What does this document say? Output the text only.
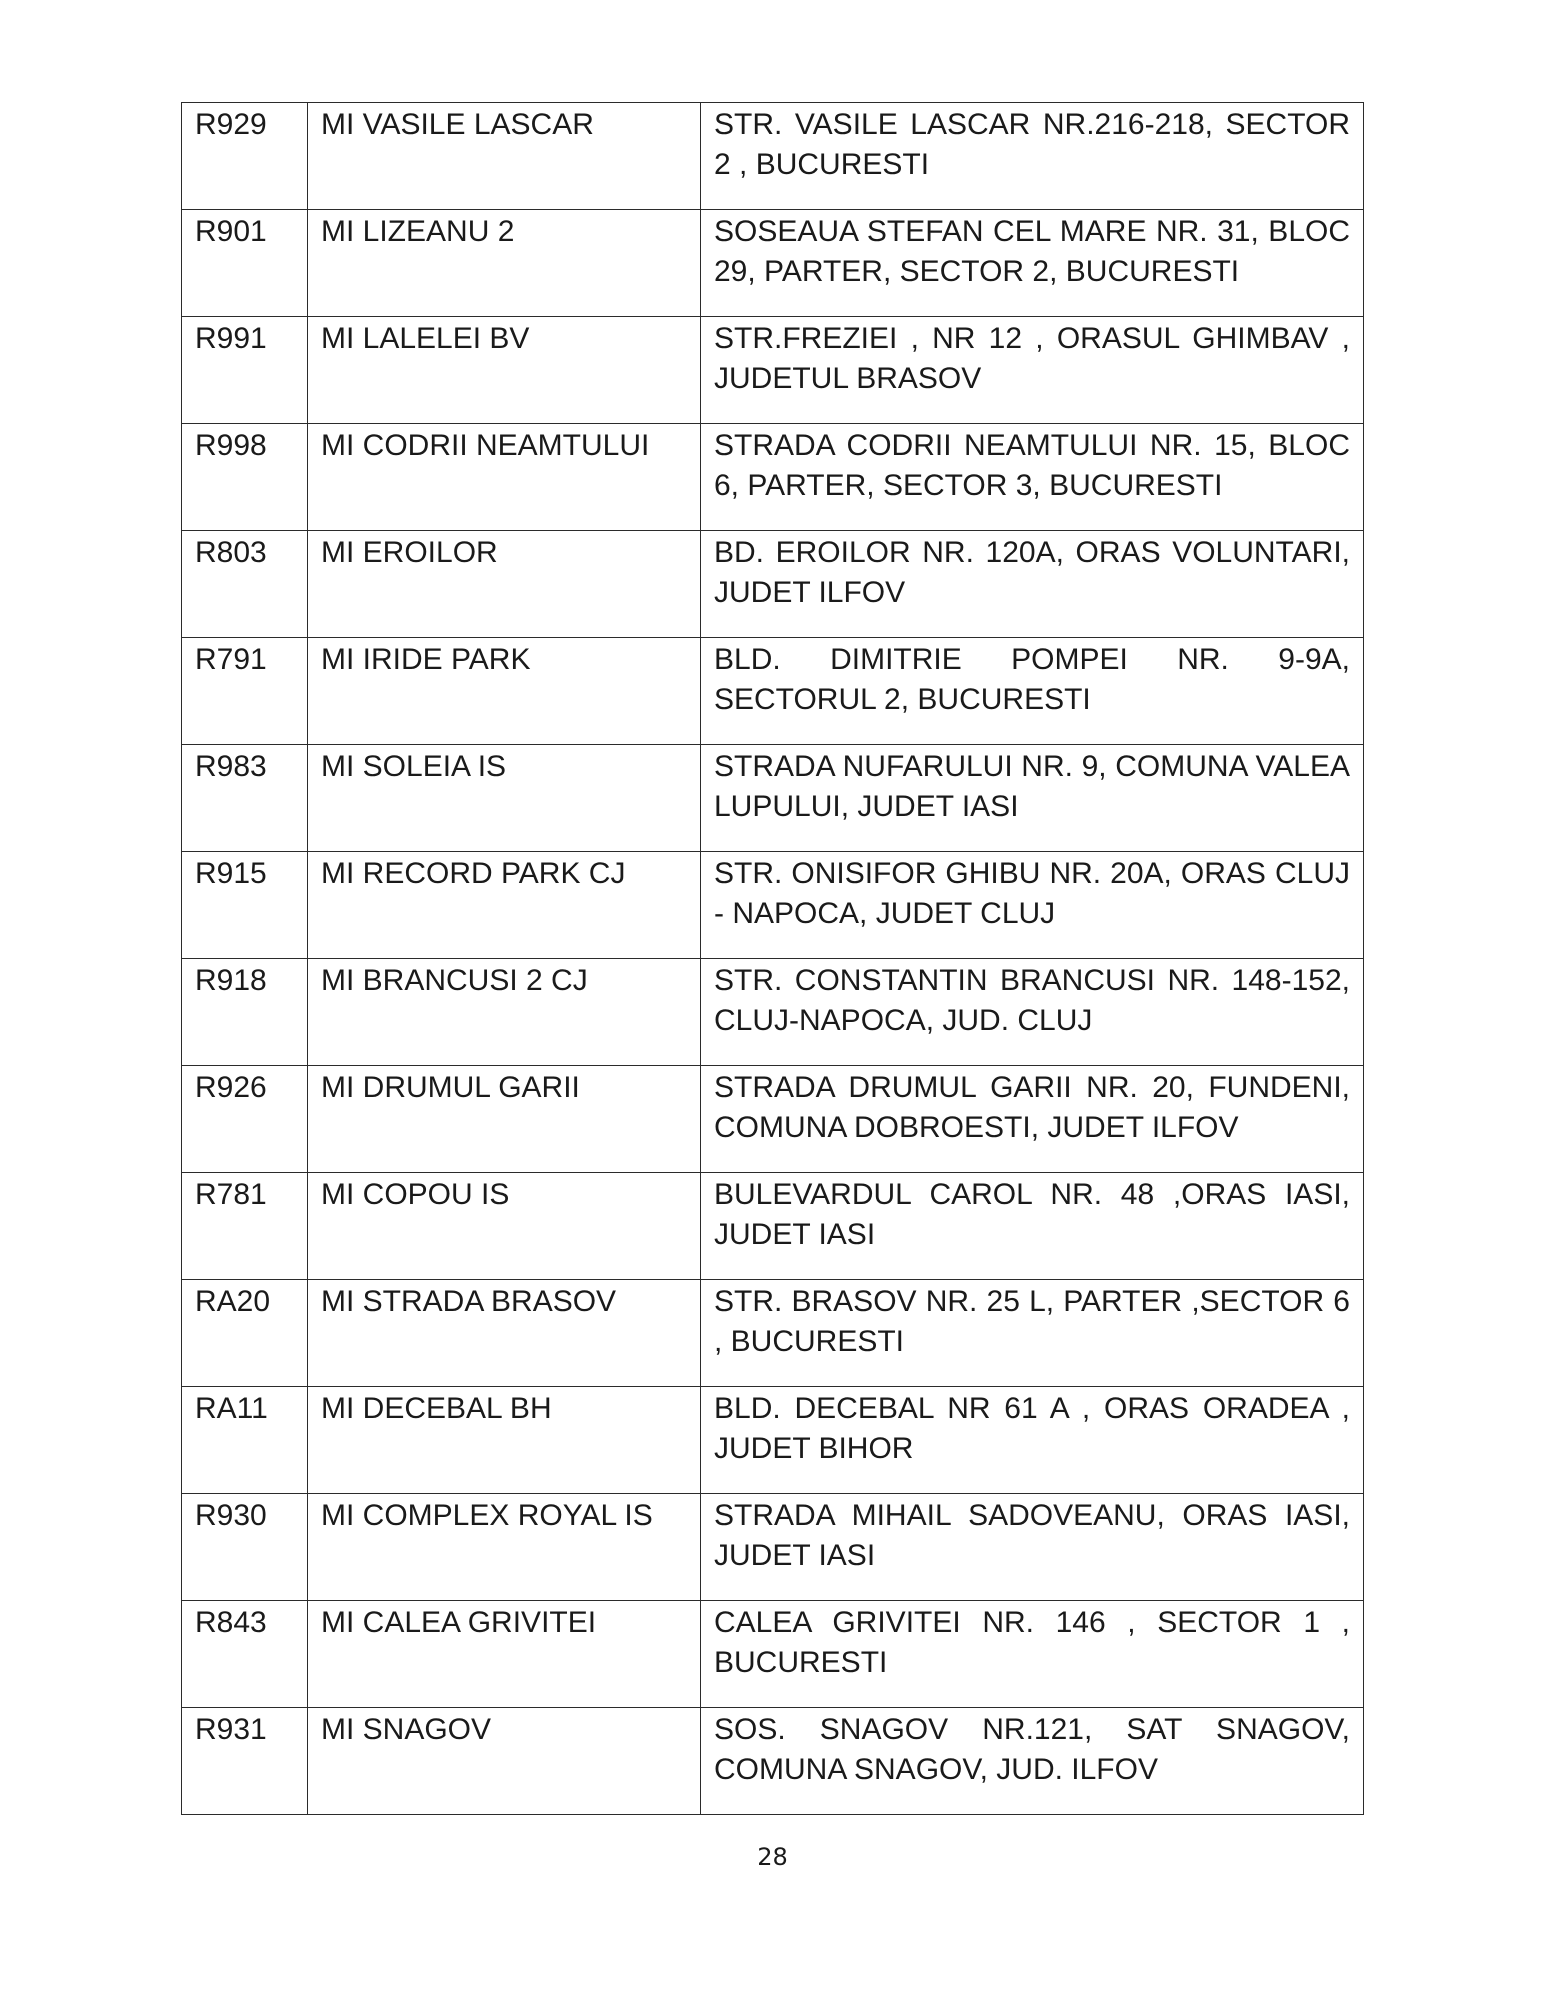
R929	MI VASILE LASCAR	STR. VASILE LASCAR NR.216-218, SECTOR 2 , BUCURESTI
R901	MI LIZEANU 2	SOSEAUA STEFAN CEL MARE NR. 31, BLOC 29, PARTER, SECTOR 2, BUCURESTI
R991	MI LALELEI BV	STR.FREZIEI , NR 12 , ORASUL GHIMBAV , JUDETUL BRASOV
R998	MI CODRII NEAMTULUI	STRADA CODRII NEAMTULUI NR. 15, BLOC 6, PARTER, SECTOR 3, BUCURESTI
R803	MI EROILOR	BD. EROILOR NR. 120A, ORAS VOLUNTARI, JUDET ILFOV
R791	MI IRIDE PARK	BLD. DIMITRIE POMPEI NR. 9-9A, SECTORUL 2, BUCURESTI
R983	MI SOLEIA IS	STRADA NUFARULUI NR. 9, COMUNA VALEA LUPULUI, JUDET IASI
R915	MI RECORD PARK CJ	STR. ONISIFOR GHIBU NR. 20A, ORAS CLUJ - NAPOCA, JUDET CLUJ
R918	MI BRANCUSI 2 CJ	STR. CONSTANTIN BRANCUSI NR. 148-152, CLUJ-NAPOCA, JUD. CLUJ
R926	MI DRUMUL GARII	STRADA DRUMUL GARII NR. 20, FUNDENI, COMUNA DOBROESTI, JUDET ILFOV
R781	MI COPOU IS	BULEVARDUL CAROL NR. 48 ,ORAS IASI, JUDET IASI
RA20	MI STRADA BRASOV	STR. BRASOV NR. 25 L, PARTER ,SECTOR 6 , BUCURESTI
RA11	MI DECEBAL BH	BLD. DECEBAL NR 61 A , ORAS ORADEA , JUDET BIHOR
R930	MI COMPLEX ROYAL IS	STRADA MIHAIL SADOVEANU, ORAS IASI, JUDET IASI
R843	MI CALEA GRIVITEI	CALEA GRIVITEI NR. 146 , SECTOR 1 , BUCURESTI
R931	MI SNAGOV	SOS. SNAGOV NR.121, SAT SNAGOV, COMUNA SNAGOV, JUD. ILFOV
28
